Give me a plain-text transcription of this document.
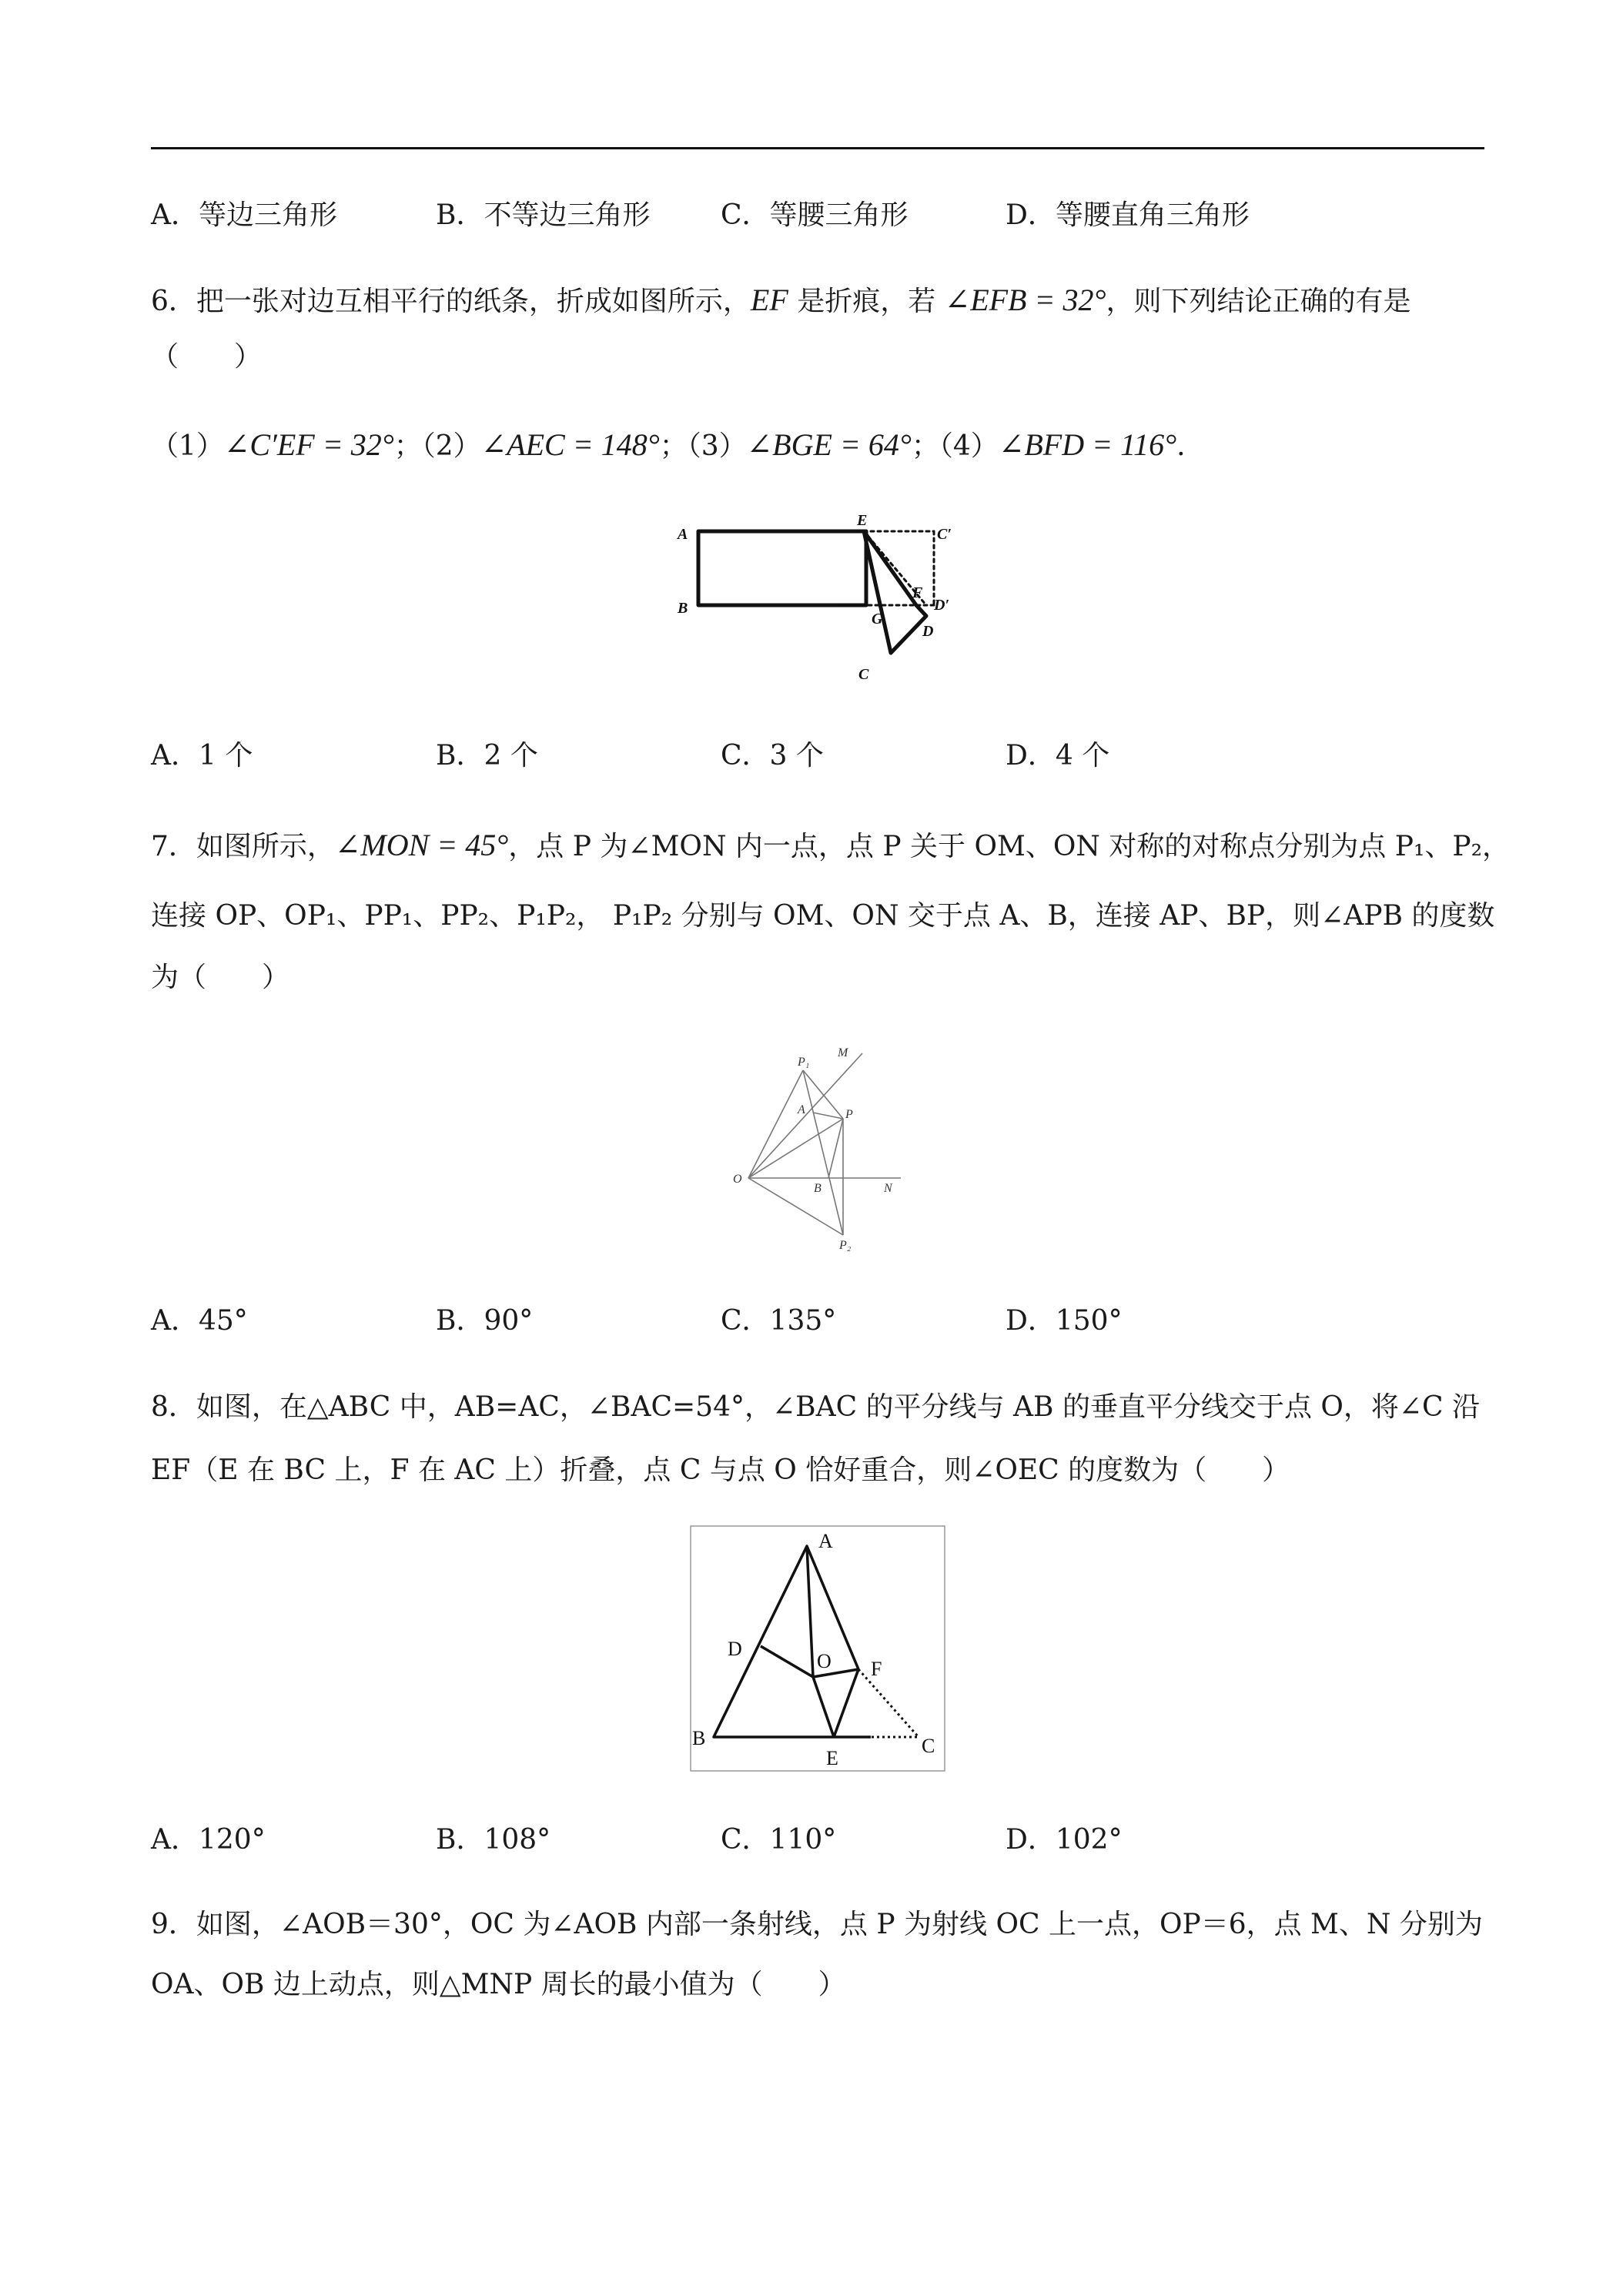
A．等边三角形	B．不等边三角形	C．等腰三角形	D．等腰直角三角形
6．把一张对边互相平行的纸条，折成如图所示，EF 是折痕，若 ∠EFB = 32°，则下列结论正确的有是
（　　）
（1）∠C′EF = 32°；（2）∠AEC = 148°；（3）∠BGE = 64°；（4）∠BFD = 116°.
A
B
E
C′
F
D′
G
D
C
A．1 个	B．2 个	C．3 个	D．4 个
7．如图所示，∠MON = 45°，点 P 为∠MON 内一点，点 P 关于 OM、ON 对称的对称点分别为点 P₁、P₂，
连接 OP、OP₁、PP₁、PP₂、P₁P₂， P₁P₂ 分别与 OM、ON 交于点 A、B，连接 AP、BP，则∠APB 的度数
为（　　）
P₁
M
A	P
O
B	N
P₂
A．45°	B．90°	C．135°	D．150°
8．如图，在△ABC 中，AB=AC，∠BAC=54°，∠BAC 的平分线与 AB 的垂直平分线交于点 O，将∠C 沿
EF（E 在 BC 上，F 在 AC 上）折叠，点 C 与点 O 恰好重合，则∠OEC 的度数为（　　）
A
D
O F
B
E
C
A．120°	B．108°	C．110°	D．102°
9．如图，∠AOB＝30°，OC 为∠AOB 内部一条射线，点 P 为射线 OC 上一点，OP＝6，点 M、N 分别为
OA、OB 边上动点，则△MNP 周长的最小值为（　　）
